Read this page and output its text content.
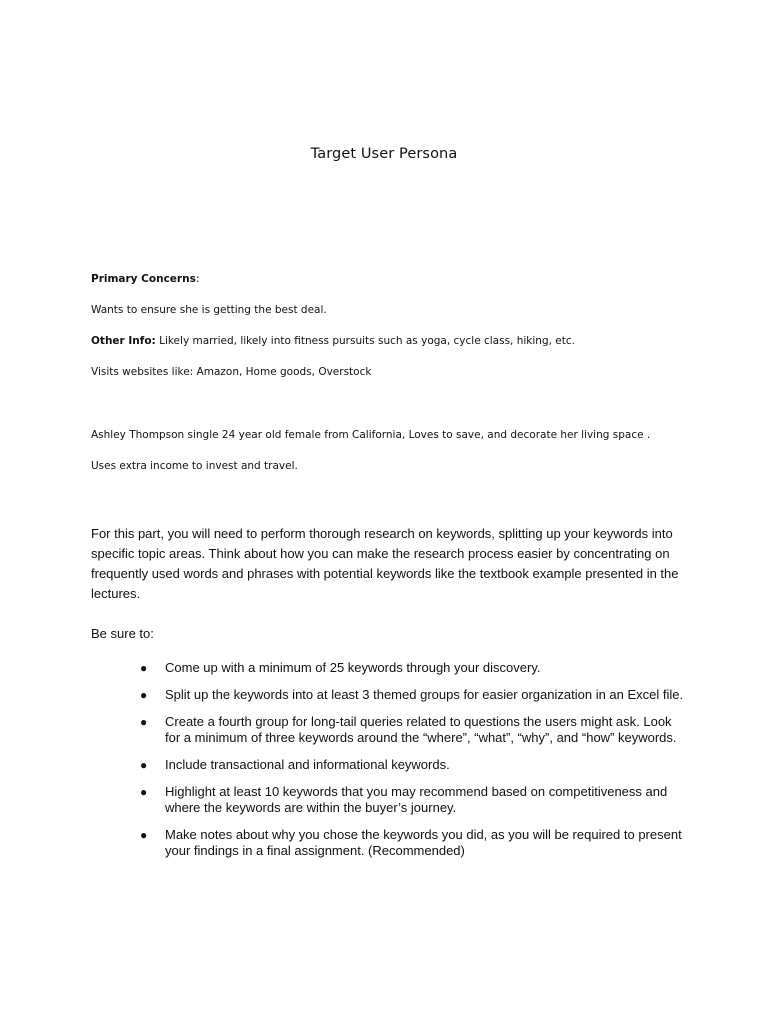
Target User Persona
Primary Concerns:
Wants to ensure she is getting the best deal.
Other Info: Likely married, likely into fitness pursuits such as yoga, cycle class, hiking, etc.
Visits websites like: Amazon, Home goods, Overstock
Ashley Thompson single 24 year old female from California, Loves to save, and decorate her living space .
Uses extra income to invest and travel.
For this part, you will need to perform thorough research on keywords, splitting up your keywords into specific topic areas. Think about how you can make the research process easier by concentrating on frequently used words and phrases with potential keywords like the textbook example presented in the lectures.
Be sure to:
● Come up with a minimum of 25 keywords through your discovery.
● Split up the keywords into at least 3 themed groups for easier organization in an Excel file.
● Create a fourth group for long-tail queries related to questions the users might ask. Look for a minimum of three keywords around the “where”, “what”, “why”, and “how” keywords.
● Include transactional and informational keywords.
● Highlight at least 10 keywords that you may recommend based on competitiveness and where the keywords are within the buyer’s journey.
● Make notes about why you chose the keywords you did, as you will be required to present your findings in a final assignment. (Recommended)
